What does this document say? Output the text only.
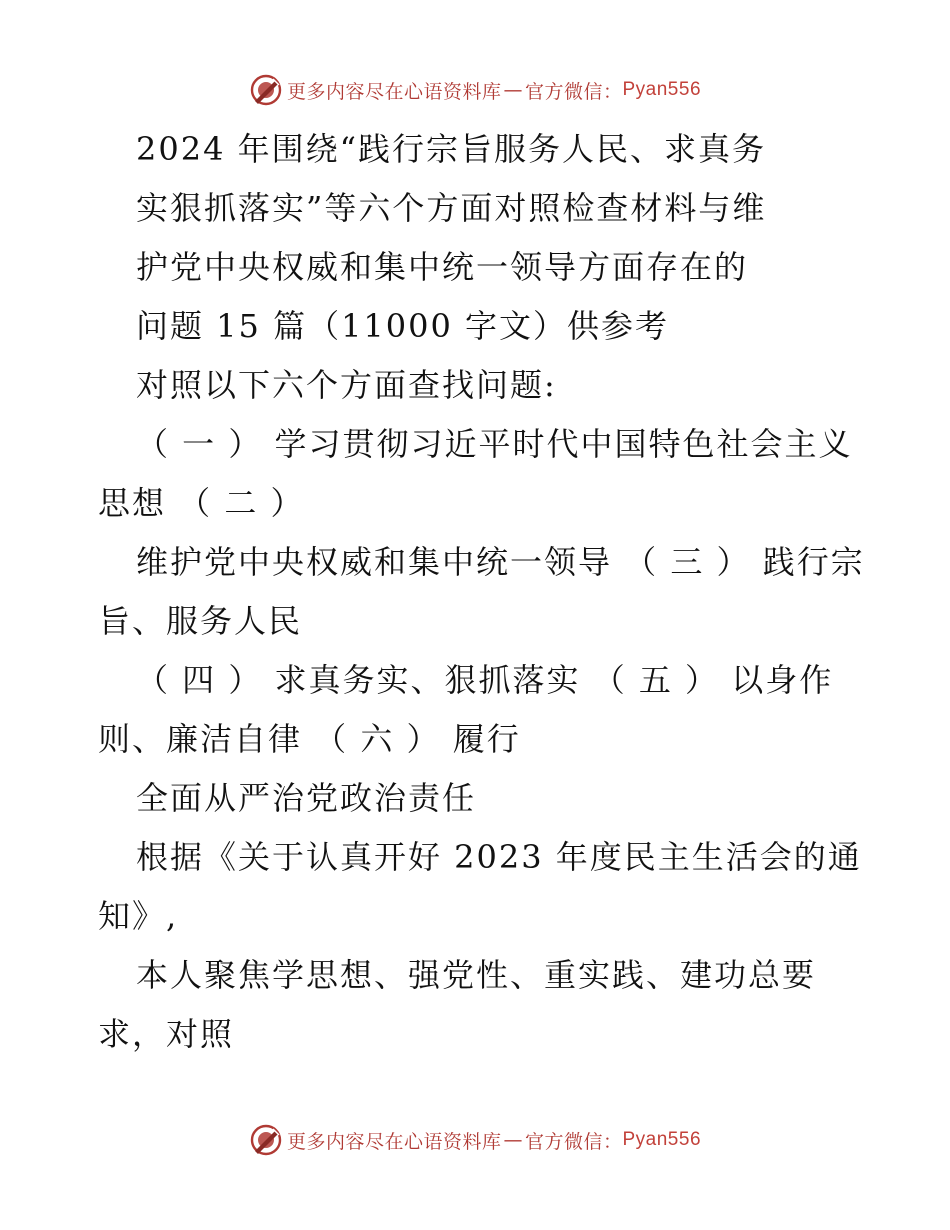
更多内容尽在心语资料库 — 官方微信： Pyan556
2024 年围绕“践行宗旨服务人民、求真务
实狠抓落实”等六个方面对照检查材料与维
护党中央权威和集中统一领导方面存在的
问题 15 篇（11000 字文）供参考
对照以下六个方面查找问题:
（ 一 ） 学习贯彻习近平时代中国特色社会主义
思想 （ 二 ）
维护党中央权威和集中统一领导 （ 三 ） 践行宗
旨、服务人民
（ 四 ） 求真务实、狠抓落实 （ 五 ） 以身作
则、廉洁自律 （ 六 ） 履行
全面从严治党政治责任
根据《关于认真开好 2023 年度民主生活会的通
知》,
本人聚焦学思想、强党性、重实践、建功总要
求，对照
更多内容尽在心语资料库 — 官方微信： Pyan556
